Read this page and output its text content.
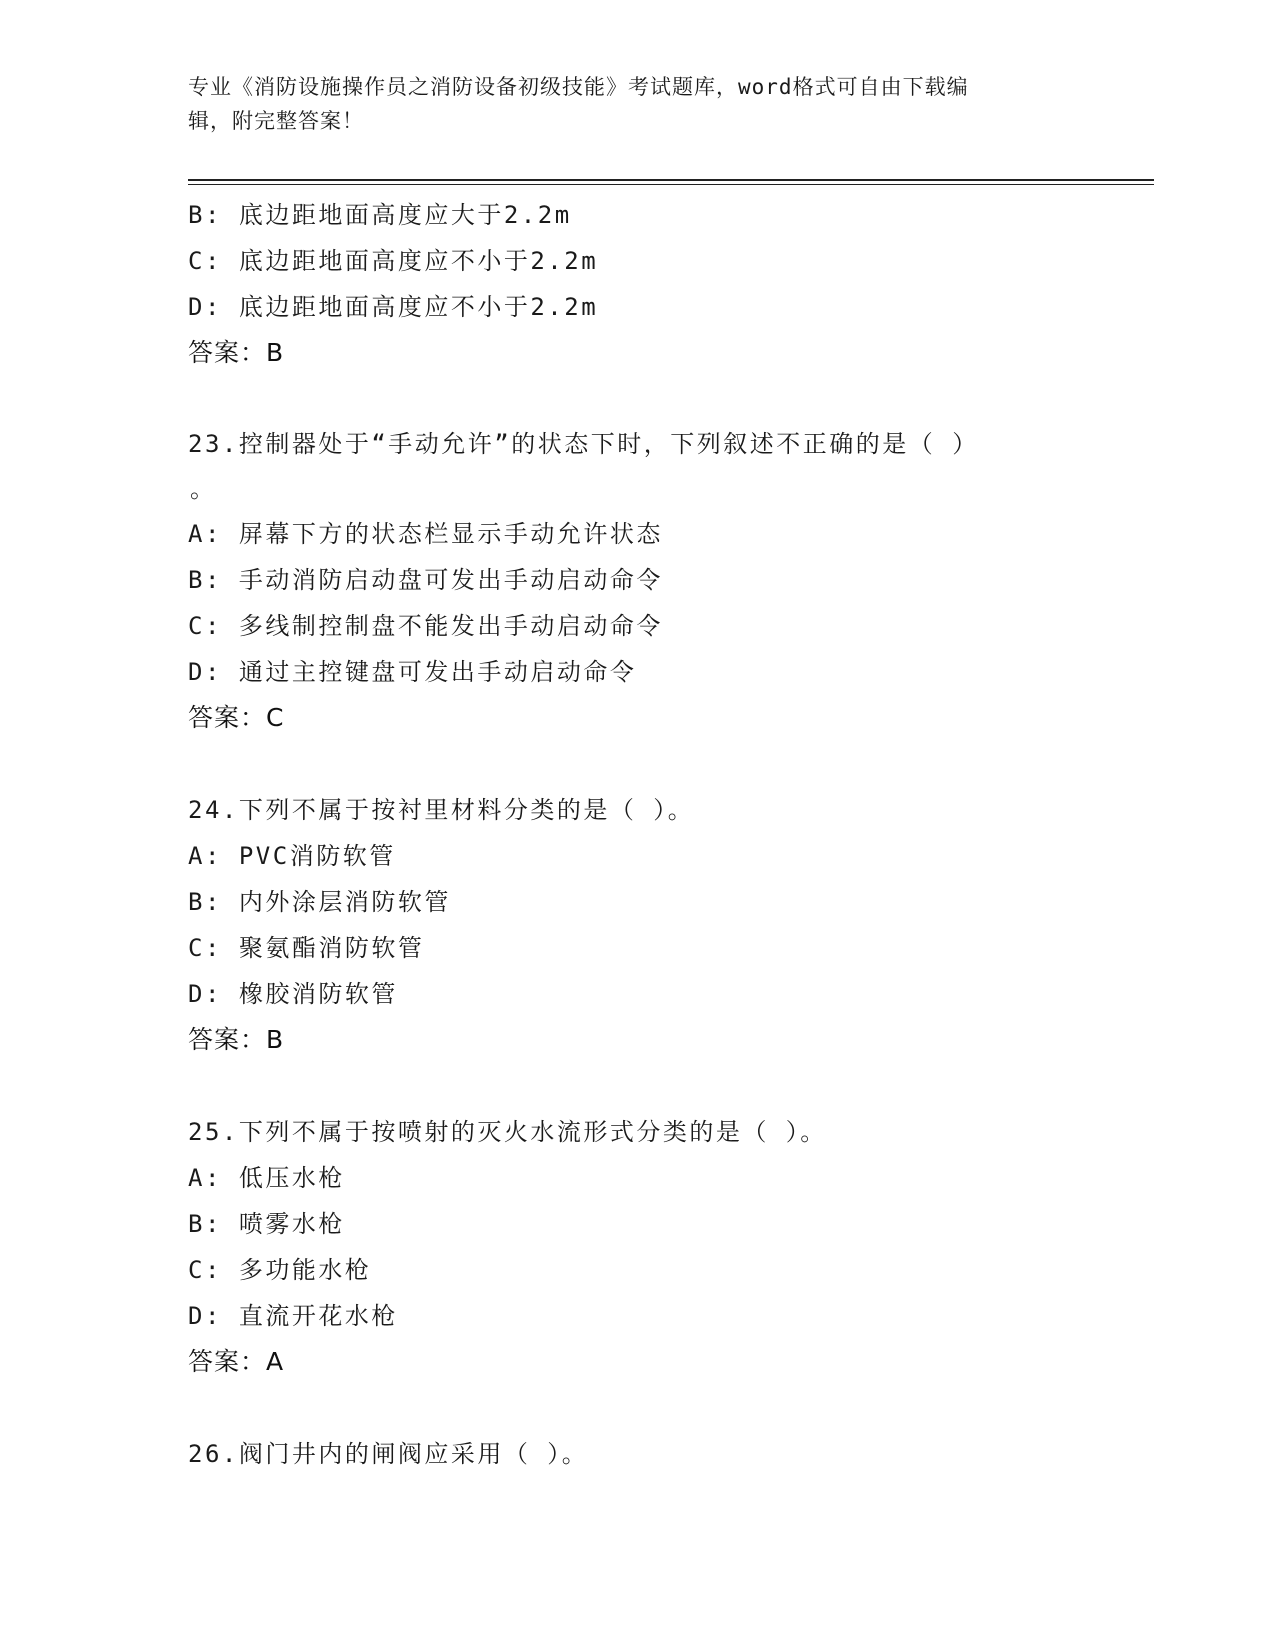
专业《消防设施操作员之消防设备初级技能》考试题库，word格式可自由下载编
辑，附完整答案！
B: 底边距地面高度应大于2.2m
C: 底边距地面高度应不小于2.2m
D: 底边距地面高度应不小于2.2m
答案：B
23.控制器处于“手动允许”的状态下时，下列叙述不正确的是（ ）
。
A: 屏幕下方的状态栏显示手动允许状态
B: 手动消防启动盘可发出手动启动命令
C: 多线制控制盘不能发出手动启动命令
D: 通过主控键盘可发出手动启动命令
答案：C
24.下列不属于按衬里材料分类的是（ ）。
A: PVC消防软管
B: 内外涂层消防软管
C: 聚氨酯消防软管
D: 橡胶消防软管
答案：B
25.下列不属于按喷射的灭火水流形式分类的是（ ）。
A: 低压水枪
B: 喷雾水枪
C: 多功能水枪
D: 直流开花水枪
答案：A
26.阀门井内的闸阀应采用（ ）。
